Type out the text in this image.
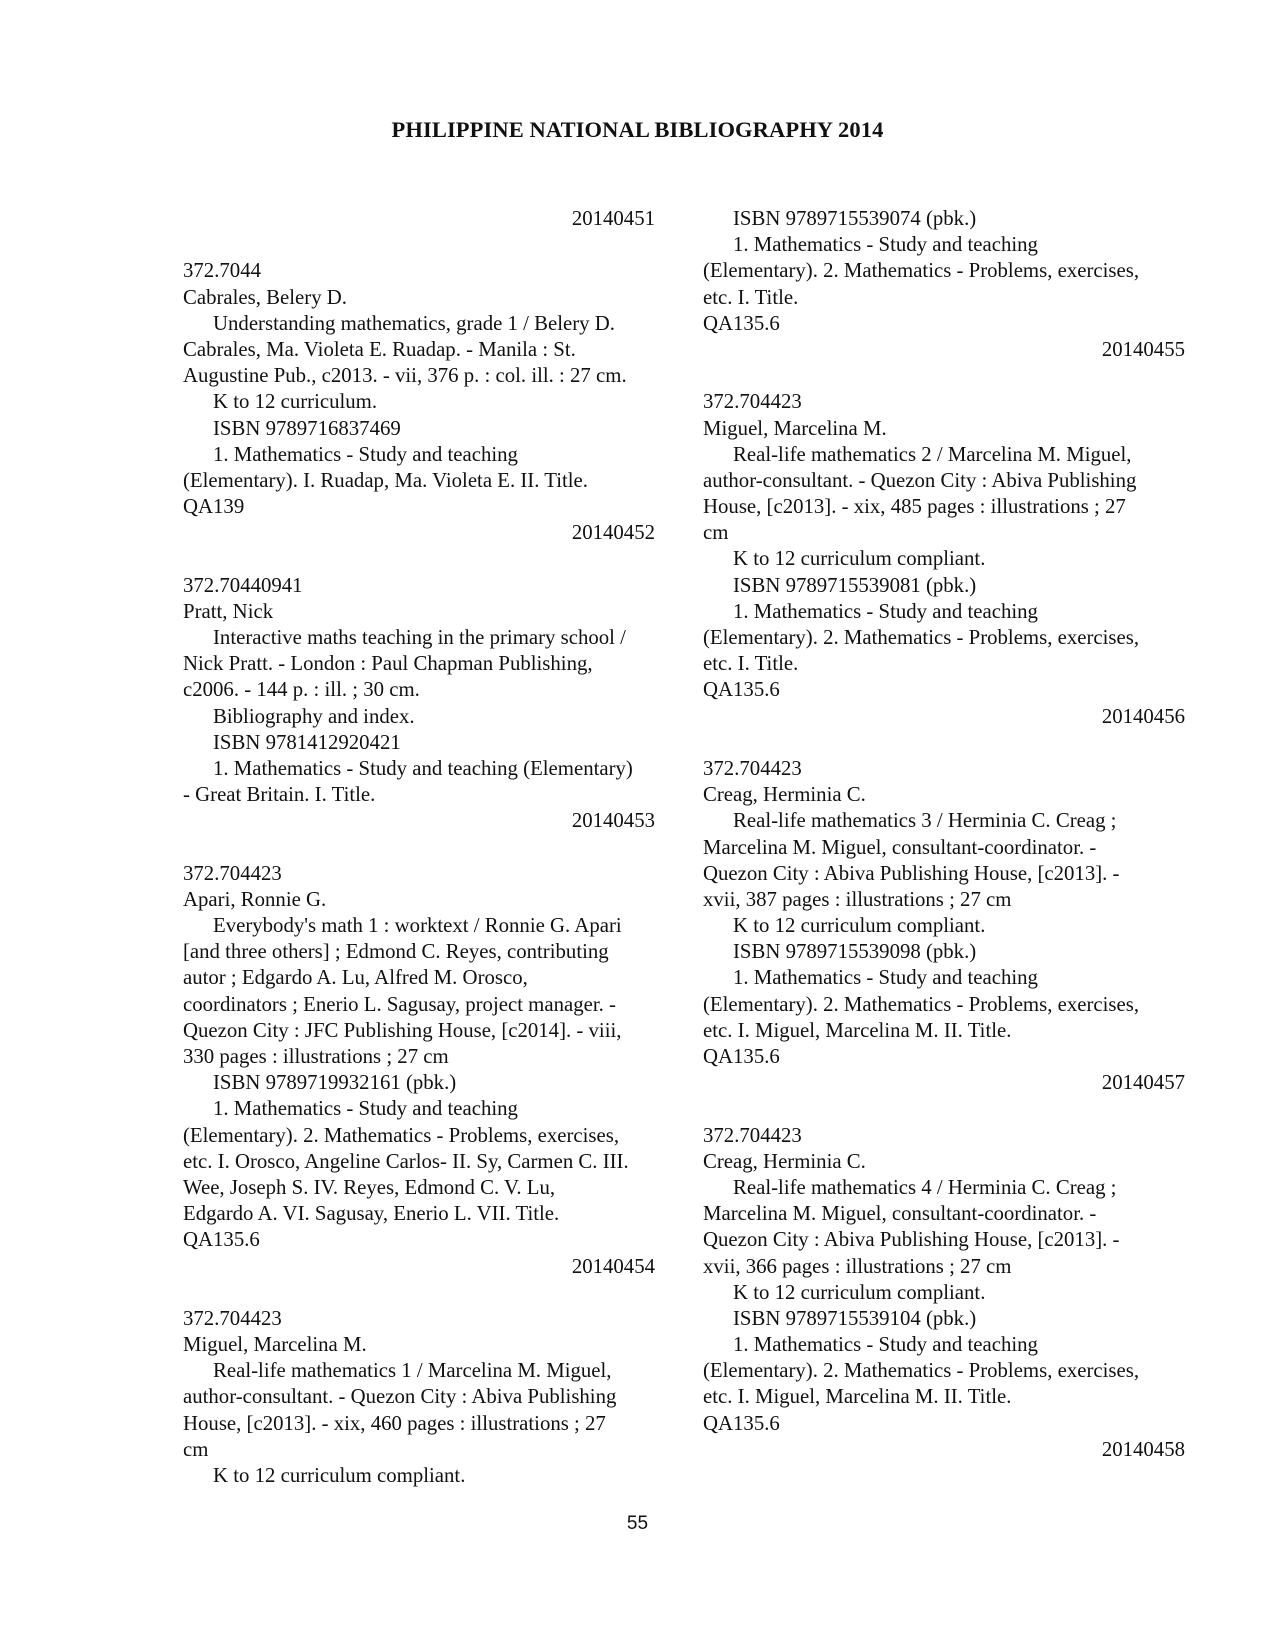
PHILIPPINE NATIONAL BIBLIOGRAPHY 2014
20140451
372.7044
Cabrales, Belery D.
Understanding mathematics, grade 1 / Belery D.
Cabrales, Ma. Violeta E. Ruadap. - Manila : St.
Augustine Pub., c2013. - vii, 376 p. : col. ill. : 27 cm.
K to 12 curriculum.
ISBN 9789716837469
1. Mathematics - Study and teaching
(Elementary). I. Ruadap, Ma. Violeta E. II. Title.
QA139
20140452
372.70440941
Pratt, Nick
Interactive maths teaching in the primary school /
Nick Pratt. - London : Paul Chapman Publishing,
c2006. - 144 p. : ill. ; 30 cm.
Bibliography and index.
ISBN 9781412920421
1. Mathematics - Study and teaching (Elementary)
- Great Britain. I. Title.
20140453
372.704423
Apari, Ronnie G.
Everybody's math 1 : worktext / Ronnie G. Apari
[and three others] ; Edmond C. Reyes, contributing
autor ; Edgardo A. Lu, Alfred M. Orosco,
coordinators ; Enerio L. Sagusay, project manager. -
Quezon City : JFC Publishing House, [c2014]. - viii,
330 pages : illustrations ; 27 cm
ISBN 9789719932161 (pbk.)
1. Mathematics - Study and teaching
(Elementary). 2. Mathematics - Problems, exercises,
etc. I. Orosco, Angeline Carlos- II. Sy, Carmen C. III.
Wee, Joseph S. IV. Reyes, Edmond C. V. Lu,
Edgardo A. VI. Sagusay, Enerio L. VII. Title.
QA135.6
20140454
372.704423
Miguel, Marcelina M.
Real-life mathematics 1 / Marcelina M. Miguel,
author-consultant. - Quezon City : Abiva Publishing
House, [c2013]. - xix, 460 pages : illustrations ; 27
cm
K to 12 curriculum compliant.
ISBN 9789715539074 (pbk.)
1. Mathematics - Study and teaching
(Elementary). 2. Mathematics - Problems, exercises,
etc. I. Title.
QA135.6
20140455
372.704423
Miguel, Marcelina M.
Real-life mathematics 2 / Marcelina M. Miguel,
author-consultant. - Quezon City : Abiva Publishing
House, [c2013]. - xix, 485 pages : illustrations ; 27
cm
K to 12 curriculum compliant.
ISBN 9789715539081 (pbk.)
1. Mathematics - Study and teaching
(Elementary). 2. Mathematics - Problems, exercises,
etc. I. Title.
QA135.6
20140456
372.704423
Creag, Herminia C.
Real-life mathematics 3 / Herminia C. Creag ;
Marcelina M. Miguel, consultant-coordinator. -
Quezon City : Abiva Publishing House, [c2013]. -
xvii, 387 pages : illustrations ; 27 cm
K to 12 curriculum compliant.
ISBN 9789715539098 (pbk.)
1. Mathematics - Study and teaching
(Elementary). 2. Mathematics - Problems, exercises,
etc. I. Miguel, Marcelina M. II. Title.
QA135.6
20140457
372.704423
Creag, Herminia C.
Real-life mathematics 4 / Herminia C. Creag ;
Marcelina M. Miguel, consultant-coordinator. -
Quezon City : Abiva Publishing House, [c2013]. -
xvii, 366 pages : illustrations ; 27 cm
K to 12 curriculum compliant.
ISBN 9789715539104 (pbk.)
1. Mathematics - Study and teaching
(Elementary). 2. Mathematics - Problems, exercises,
etc. I. Miguel, Marcelina M. II. Title.
QA135.6
20140458
55
